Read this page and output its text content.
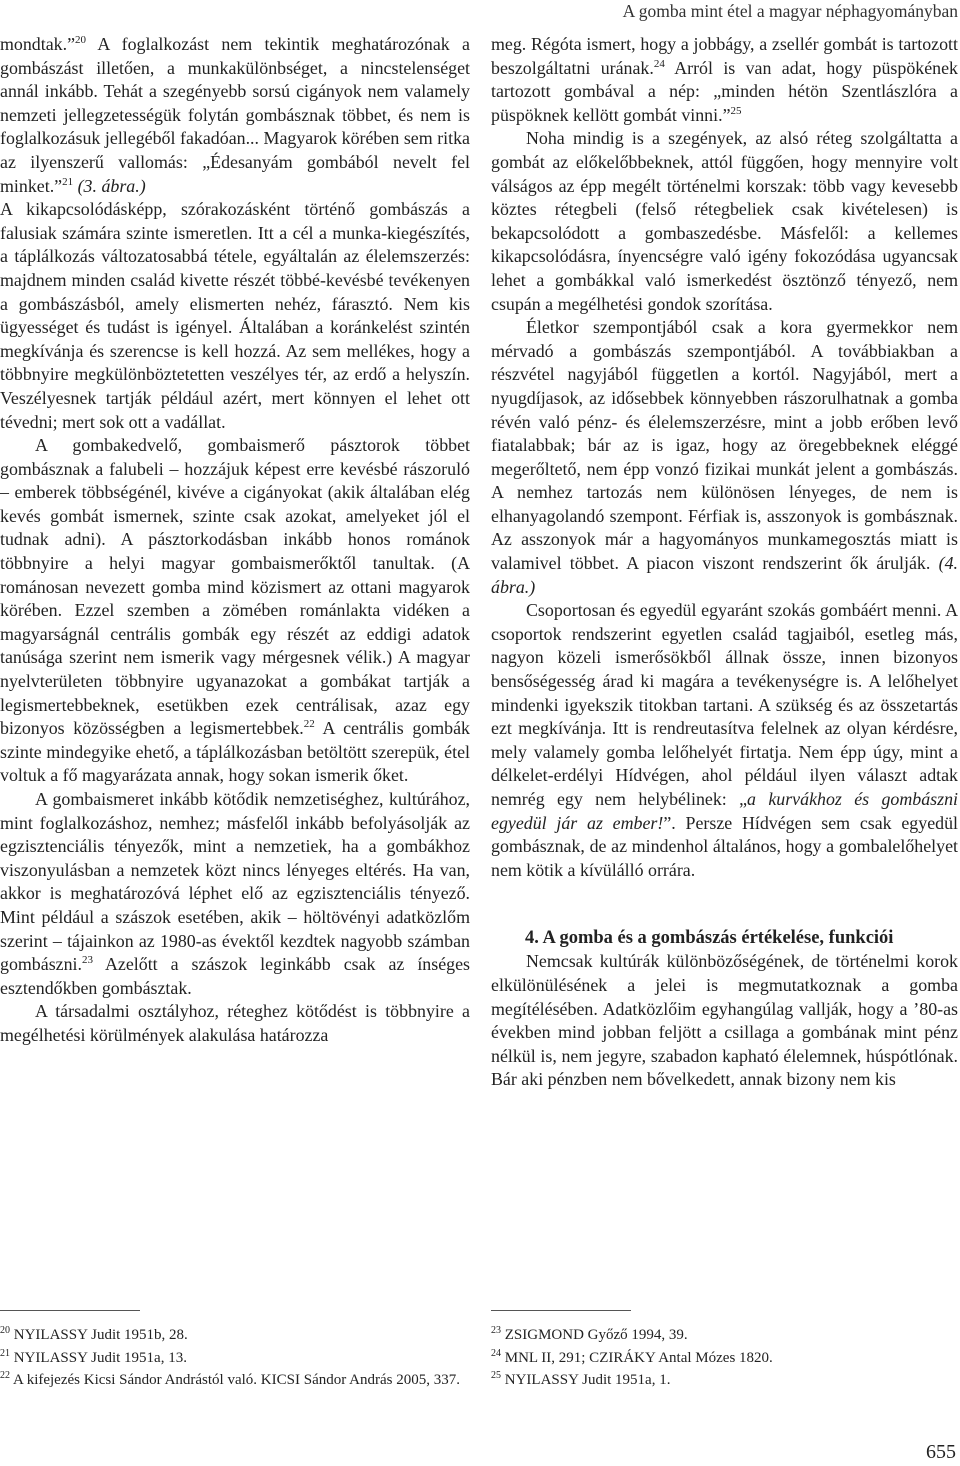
A gomba mint étel a magyar néphagyományban

mondtak.”$^{20}$ A foglalkozást nem tekintik meghatározónak a gombászást illetően, a munkakülönbséget, a nincstelenséget annál inkább. Tehát a szegényebb sorsú cigányok nem valamely nemzeti jellegzetességük folytán gombásznak többet, és nem is foglalkozásuk jellegéből fakadóan... Magyarok körében sem ritka az ilyenszerű vallomás: „Édesanyám gombából nevelt fel minket.”$^{21}$ (3. ábra.)

A kikapcsolódásképp, szórakozásként történő gombászás a falusiak számára szinte ismeretlen. Itt a cél a munka-kiegészítés, a táplálkozás változatosabbá tétele, egyáltalán az élelemszerzés: majdnem minden család kivette részét többé-kevésbé tevékenyen a gombászásból, amely elismerten nehéz, fárasztó. Nem kis ügyességet és tudást is igényel. Általában a koránkelést szintén megkívánja és szerencse is kell hozzá. Az sem mellékes, hogy a többnyire megkülönböztetetten veszélyes tér, az erdő a helyszín. Veszélyesnek tartják például azért, mert könnyen el lehet ott tévedni; mert sok ott a vadállat.

A gombakedvelő, gombaismerő pásztorok többet gombásznak a falubeli – hozzájuk képest erre kevésbé rászoruló – emberek többségénél, kivéve a cigányokat (akik általában elég kevés gombát ismernek, szinte csak azokat, amelyeket jól el tudnak adni). A pásztorkodásban inkább honos románok többnyire a helyi magyar gombaismerőktől tanultak. (A románosan nevezett gomba mind közismert az ottani magyarok körében. Ezzel szemben a zömében románlakta vidéken a magyarságnál centrális gombák egy részét az eddigi adatok tanúsága szerint nem ismerik vagy mérgesnek vélik.) A magyar nyelvterületen többnyire ugyanazokat a gombákat tartják a legismertebbeknek, esetükben ezek centrálisak, azaz egy bizonyos közösségben a legismertebbek.$^{22}$ A centrális gombák szinte mindegyike ehető, a táplálkozásban betöltött szerepük, étel voltuk a fő magyarázata annak, hogy sokan ismerik őket.

A gombaismeret inkább kötődik nemzetiséghez, kultúrához, mint foglalkozáshoz, nemhez; másfelől inkább befolyásolják az egzisztenciális tényezők, mint a nemzetiek, ha a gombákhoz viszonyulásban a nemzetek közt nincs lényeges eltérés. Ha van, akkor is meghatározóvá léphet elő az egzisztenciális tényező. Mint például a szászok esetében, akik – höltövényi adatközlőm szerint – tájainkon az 1980-as évektől kezdtek nagyobb számban gombászni.$^{23}$ Azelőtt a szászok leginkább csak az ínséges esztendőkben gombásztak.

A társadalmi osztályhoz, réteghez kötődést is többnyire a megélhetési körülmények alakulása határozza

meg. Régóta ismert, hogy a jobbágy, a zsellér gombát is tartozott beszolgáltatni urának.$^{24}$ Arról is van adat, hogy püspökének tartozott gombával a nép: „minden hétön Szentlászlóra a püspöknek kellött gombát vinni.”$^{25}$

Noha mindig is a szegények, az alsó réteg szolgáltatta a gombát az előkelőbbeknek, attól függően, hogy mennyire volt válságos az épp megélt történelmi korszak: több vagy kevesebb köztes rétegbeli (felső rétegbeliek csak kivételesen) is bekapcsolódott a gombaszedésbe. Másfelől: a kellemes kikapcsolódásra, ínyencségre való igény fokozódása ugyancsak lehet a gombákkal való ismerkedést ösztönző tényező, nem csupán a megélhetési gondok szorítása.

Életkor szempontjából csak a kora gyermekkor nem mérvadó a gombászás szempontjából. A továbbiakban a részvétel nagyjából független a kortól. Nagyjából, mert a nyugdíjasok, az idősebbek könnyebben rászorulhatnak a gomba révén való pénz- és élelemszerzésre, mint a jobb erőben levő fiatalabbak; bár az is igaz, hogy az öregebbeknek eléggé megerőltető, nem épp vonzó fizikai munkát jelent a gombászás. A nemhez tartozás nem különösen lényeges, de nem is elhanyagolandó szempont. Férfiak is, asszonyok is gombásznak. Az asszonyok már a hagyományos munkamegosztás miatt is valamivel többet. A piacon viszont rendszerint ők árulják. (4. ábra.)

Csoportosan és egyedül egyaránt szokás gombáért menni. A csoportok rendszerint egyetlen család tagjaiból, esetleg más, nagyon közeli ismerősökből állnak össze, innen bizonyos bensőségesség árad ki magára a tevékenységre is. A lelőhelyet mindenki igyekszik titokban tartani. A szükség és az összetartás ezt megkívánja. Itt is rendreutasítva felelnek az olyan kérdésre, mely valamely gomba lelőhelyét firtatja. Nem épp úgy, mint a délkelet-erdélyi Hídvégen, ahol például ilyen választ adtak nemrég egy nem helybélinek: „a kurvákhoz és gombászni egyedül jár az ember!”. Persze Hídvégen sem csak egyedül gombásznak, de az mindenhol általános, hogy a gombalelőhelyet nem kötik a kívülálló orrára.

4. A gomba és a gombászás értékelése, funkciói

Nemcsak kultúrák különbözőségének, de történelmi korok elkülönülésének a jelei is megmutatkoznak a gomba megítélésében. Adatközlőim egyhangúlag vallják, hogy a ’80-as években mind jobban feljött a csillaga a gombának mint pénz nélkül is, nem jegyre, szabadon kapható élelemnek, húspótlónak. Bár aki pénzben nem bővelkedett, annak bizony nem kis

$^{20}$ NYILASSY Judit 1951b, 28.

$^{21}$ NYILASSY Judit 1951a, 13.

$^{22}$ A kifejezés Kicsi Sándor Andrástól való. KICSI Sándor András 2005, 337.

$^{23}$ ZSIGMOND Győző 1994, 39.

$^{24}$ MNL II, 291; CZIRÁKY Antal Mózes 1820.

$^{25}$ NYILASSY Judit 1951a, 1.

655
